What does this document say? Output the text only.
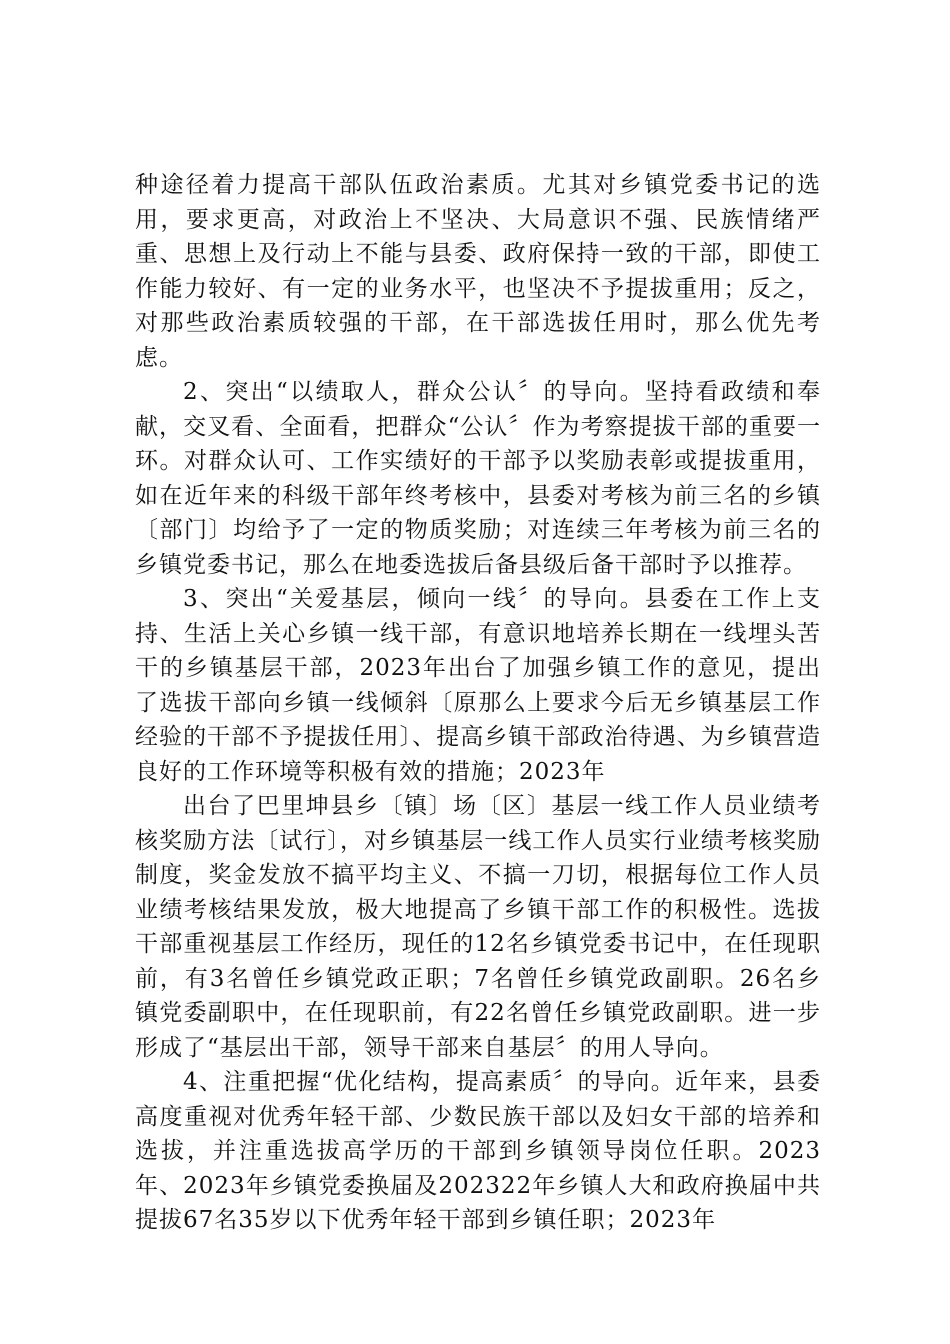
种途径着力提高干部队伍政治素质。尤其对乡镇党委书记的选用，要求更高，对政治上不坚决、大局意识不强、民族情绪严重、思想上及行动上不能与县委、政府保持一致的干部，即使工作能力较好、有一定的业务水平，也坚决不予提拔重用；反之，对那些政治素质较强的干部，在干部选拔任用时，那么优先考虑。

2、突出“以绩取人，群众公认〞的导向。坚持看政绩和奉献，交叉看、全面看，把群众“公认〞作为考察提拔干部的重要一环。对群众认可、工作实绩好的干部予以奖励表彰或提拔重用，如在近年来的科级干部年终考核中，县委对考核为前三名的乡镇〔部门〕均给予了一定的物质奖励；对连续三年考核为前三名的乡镇党委书记，那么在地委选拔后备县级后备干部时予以推荐。

3、突出“关爱基层，倾向一线〞的导向。县委在工作上支持、生活上关心乡镇一线干部，有意识地培养长期在一线埋头苦干的乡镇基层干部，2023年出台了加强乡镇工作的意见，提出了选拔干部向乡镇一线倾斜〔原那么上要求今后无乡镇基层工作经验的干部不予提拔任用〕、提高乡镇干部政治待遇、为乡镇营造良好的工作环境等积极有效的措施；2023年

出台了巴里坤县乡〔镇〕场〔区〕基层一线工作人员业绩考核奖励方法〔试行〕，对乡镇基层一线工作人员实行业绩考核奖励制度，奖金发放不搞平均主义、不搞一刀切，根据每位工作人员业绩考核结果发放，极大地提高了乡镇干部工作的积极性。选拔干部重视基层工作经历，现任的12名乡镇党委书记中，在任现职前，有3名曾任乡镇党政正职；7名曾任乡镇党政副职。26名乡镇党委副职中，在任现职前，有22名曾任乡镇党政副职。进一步形成了“基层出干部，领导干部来自基层〞的用人导向。

4、注重把握“优化结构，提高素质〞的导向。近年来，县委高度重视对优秀年轻干部、少数民族干部以及妇女干部的培养和选拔，并注重选拔高学历的干部到乡镇领导岗位任职。2023年、2023年乡镇党委换届及202322年乡镇人大和政府换届中共提拔67名35岁以下优秀年轻干部到乡镇任职；2023年
